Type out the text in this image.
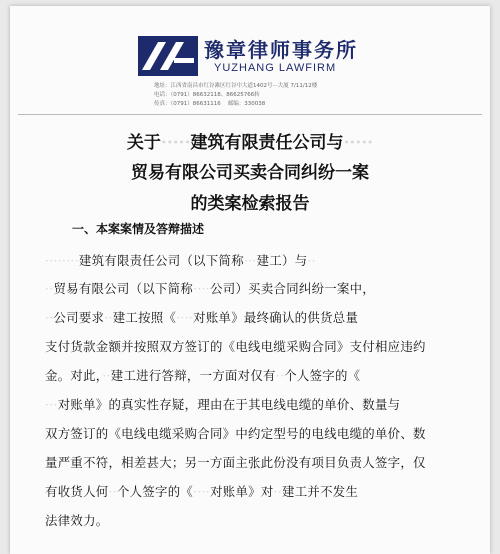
豫章律师事务所
YUZHANG LAWFIRM
地址：江西省南昌市红谷滩区红谷中大道1402号···大厦 7/11/12楼
电话：（0791）86632118、86625766转
传真：（0791）86631116    邮编：330038
关于·····建筑有限责任公司与·····
贸易有限公司买卖合同纠纷一案
的类案检索报告
一、本案案情及答辩描述
········建筑有限责任公司（以下简称···建工）与··
··贸易有限公司（以下简称····公司）买卖合同纠纷一案中，
··公司要求··建工按照《····对账单》最终确认的供货总量
支付货款金额并按照双方签订的《电线电缆采购合同》支付相应违约
金。对此，··建工进行答辩，一方面对仅有··个人签字的《
···对账单》的真实性存疑，理由在于其电线电缆的单价、数量与
双方签订的《电线电缆采购合同》中约定型号的电线电缆的单价、数
量严重不符，相差甚大；另一方面主张此份没有项目负责人签字，仅
有收货人何··个人签字的《····对账单》对··建工并不发生
法律效力。
